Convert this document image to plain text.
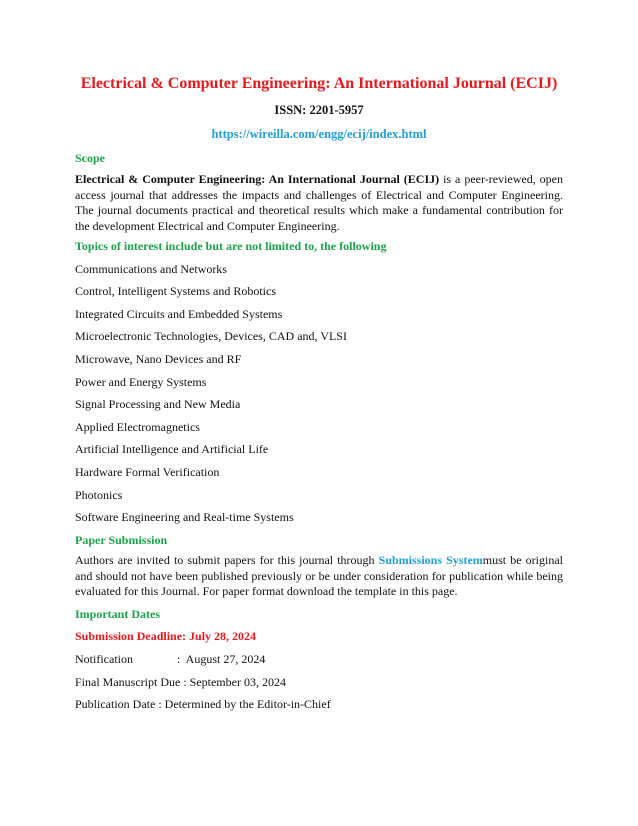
Electrical & Computer Engineering: An International Journal (ECIJ)
ISSN: 2201-5957
https://wireilla.com/engg/ecij/index.html
Scope
Electrical & Computer Engineering: An International Journal (ECIJ) is a peer-reviewed, open access journal that addresses the impacts and challenges of Electrical and Computer Engineering. The journal documents practical and theoretical results which make a fundamental contribution for the development Electrical and Computer Engineering.
Topics of interest include but are not limited to, the following
Communications and Networks
Control, Intelligent Systems and Robotics
Integrated Circuits and Embedded Systems
Microelectronic Technologies, Devices, CAD and, VLSI
Microwave, Nano Devices and RF
Power and Energy Systems
Signal Processing and New Media
Applied Electromagnetics
Artificial Intelligence and Artificial Life
Hardware Formal Verification
Photonics
Software Engineering and Real-time Systems
Paper Submission
Authors are invited to submit papers for this journal through Submissions Systemmust be original and should not have been published previously or be under consideration for publication while being evaluated for this Journal. For paper format download the template in this page.
Important Dates
Submission Deadline: July 28, 2024
Notification	:  August 27, 2024
Final Manuscript Due : September 03, 2024
Publication Date : Determined by the Editor-in-Chief
